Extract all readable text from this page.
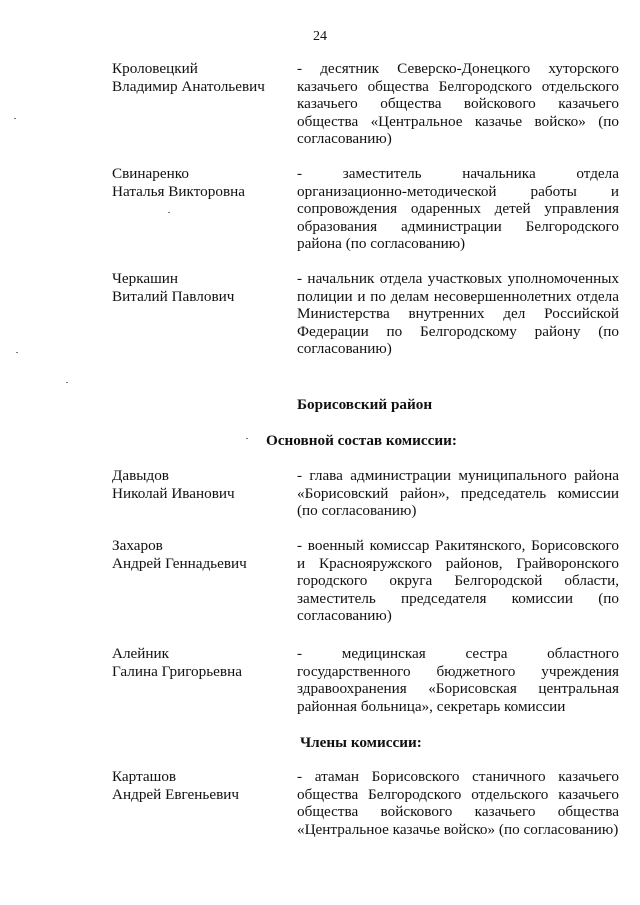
24
Кроловецкий
Владимир Анатольевич
- десятник Северско-Донецкого хуторского казачьего общества Белгородского отдельского казачьего общества войскового казачьего общества «Центральное казачье войско» (по согласованию)
Свинаренко
Наталья Викторовна
- заместитель начальника отдела организационно-методической работы и сопровождения одаренных детей управления образования администрации Белгородского района (по согласованию)
Черкашин
Виталий Павлович
- начальник отдела участковых уполномоченных полиции и по делам несовершеннолетних отдела Министерства внутренних дел Российской Федерации по Белгородскому району (по согласованию)
Борисовский район
Основной состав комиссии:
Давыдов
Николай Иванович
- глава администрации муниципального района «Борисовский район», председатель комиссии (по согласованию)
Захаров
Андрей Геннадьевич
- военный комиссар Ракитянского, Борисовского и Краснояружского районов, Грайворонского городского округа Белгородской области, заместитель председателя комиссии (по согласованию)
Алейник
Галина Григорьевна
- медицинская сестра областного государственного бюджетного учреждения здравоохранения «Борисовская центральная районная больница», секретарь комиссии
Члены комиссии:
Карташов
Андрей Евгеньевич
- атаман Борисовского станичного казачьего общества Белгородского отдельского казачьего общества войскового казачьего общества «Центральное казачье войско» (по согласованию)
